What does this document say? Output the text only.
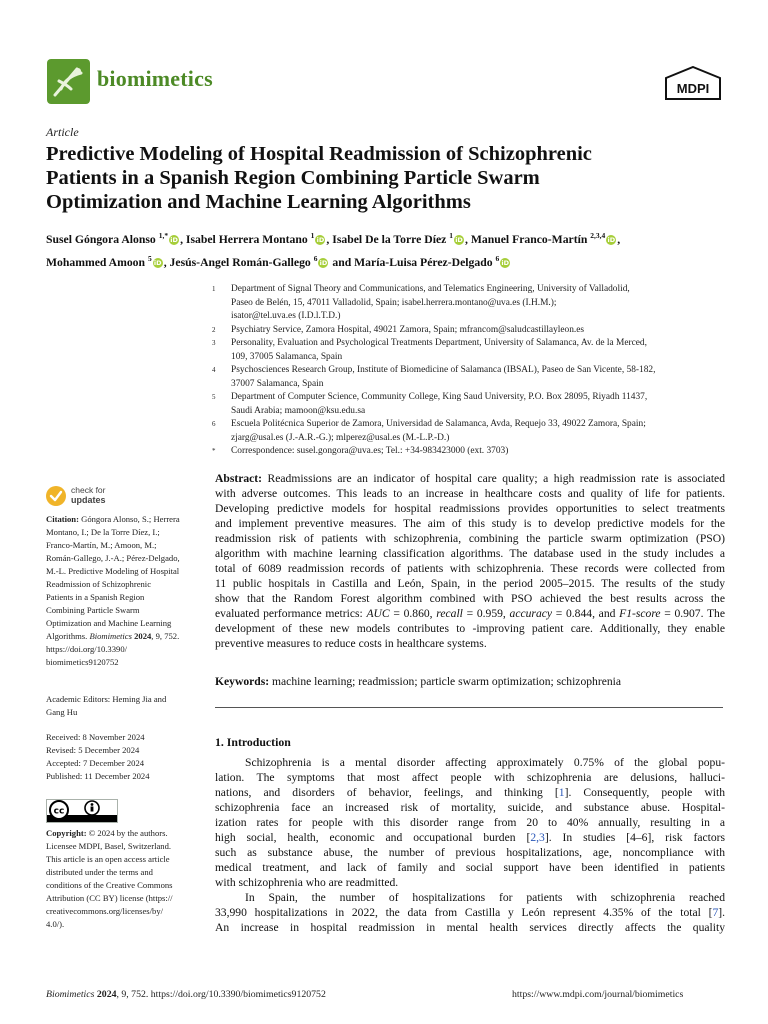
biomimetics	MDPI
Article
Predictive Modeling of Hospital Readmission of Schizophrenic
Patients in a Spanish Region Combining Particle Swarm
Optimization and Machine Learning Algorithms
Susel Góngora Alonso $^{1,*}$ iD , Isabel Herrera Montano $^1$ iD , Isabel De la Torre Díez $^1$ iD , Manuel Franco-Martín $^{2,3,4}$ iD ,
Mohammed Amoon $^5$ iD , Jesús-Angel Román-Gallego $^6$ iD and María-Luisa Pérez-Delgado $^6$ iD
1	Department of Signal Theory and Communications, and Telematics Engineering, University of Valladolid,
Paseo de Belén, 15, 47011 Valladolid, Spain; isabel.herrera.montano@uva.es (I.H.M.);
isator@tel.uva.es (I.D.l.T.D.)
2	Psychiatry Service, Zamora Hospital, 49021 Zamora, Spain; mfrancom@saludcastillayleon.es
3	Personality, Evaluation and Psychological Treatments Department, University of Salamanca, Av. de la Merced,
109, 37005 Salamanca, Spain
4	Psychosciences Research Group, Institute of Biomedicine of Salamanca (IBSAL), Paseo de San Vicente, 58-182,
37007 Salamanca, Spain
5	Department of Computer Science, Community College, King Saud University, P.O. Box 28095, Riyadh 11437,
Saudi Arabia; mamoon@ksu.edu.sa
6	Escuela Politécnica Superior de Zamora, Universidad de Salamanca, Avda, Requejo 33, 49022 Zamora, Spain;
zjarg@usal.es (J.-A.R.-G.); mlperez@usal.es (M.-L.P.-D.)
*	Correspondence: susel.gongora@uva.es; Tel.: +34-983423000 (ext. 3703)
check for
updates
Citation: Góngora Alonso, S.; Herrera
Montano, I.; De la Torre Díez, I.;
Franco-Martín, M.; Amoon, M.;
Román-Gallego, J.-A.; Pérez-Delgado,
M.-L. Predictive Modeling of Hospital
Readmission of Schizophrenic
Patients in a Spanish Region
Combining Particle Swarm
Optimization and Machine Learning
Algorithms. Biomimetics 2024, 9, 752.
https://doi.org/10.3390/
biomimetics9120752
Academic Editors: Heming Jia and
Gang Hu
Received: 8 November 2024
Revised: 5 December 2024
Accepted: 7 December 2024
Published: 11 December 2024
cc
Copyright: © 2024 by the authors.
Licensee MDPI, Basel, Switzerland.
This article is an open access article
distributed under the terms and
conditions of the Creative Commons
Attribution (CC BY) license (https://
creativecommons.org/licenses/by/
4.0/).
Abstract: Readmissions are an indicator of hospital care quality; a high readmission rate is associated
with adverse outcomes. This leads to an increase in healthcare costs and quality of life for patients.
Developing predictive models for hospital readmissions provides opportunities to select treatments
and implement preventive measures. The aim of this study is to develop predictive models for the
readmission risk of patients with schizophrenia, combining the particle swarm optimization (PSO)
algorithm with machine learning classification algorithms. The database used in the study includes a
total of 6089 readmission records of patients with schizophrenia. These records were collected from
11 public hospitals in Castilla and León, Spain, in the period 2005–2015. The results of the study
show that the Random Forest algorithm combined with PSO achieved the best results across the
evaluated performance metrics: AUC = 0.860, recall = 0.959, accuracy = 0.844, and F1-score = 0.907. The
development of these new models contributes to -improving patient care. Additionally, they enable
preventive measures to reduce costs in healthcare systems.
Keywords: machine learning; readmission; particle swarm optimization; schizophrenia
1. Introduction
Schizophrenia is a mental disorder affecting approximately 0.75% of the global popu-
lation. The symptoms that most affect people with schizophrenia are delusions, halluci-
nations, and disorders of behavior, feelings, and thinking [1]. Consequently, people with
schizophrenia face an increased risk of mortality, suicide, and substance abuse. Hospital-
ization rates for people with this disorder range from 20 to 40% annually, resulting in a
high social, health, economic and occupational burden [2,3]. In studies [4–6], risk factors
such as substance abuse, the number of previous hospitalizations, age, noncompliance with
medical treatment, and lack of family and social support have been identified in patients
with schizophrenia who are readmitted.
In Spain, the number of hospitalizations for patients with schizophrenia reached
33,990 hospitalizations in 2022, the data from Castilla y León represent 4.35% of the total [7].
An increase in hospital readmission in mental health services directly affects the quality
Biomimetics 2024, 9, 752. https://doi.org/10.3390/biomimetics9120752	https://www.mdpi.com/journal/biomimetics
